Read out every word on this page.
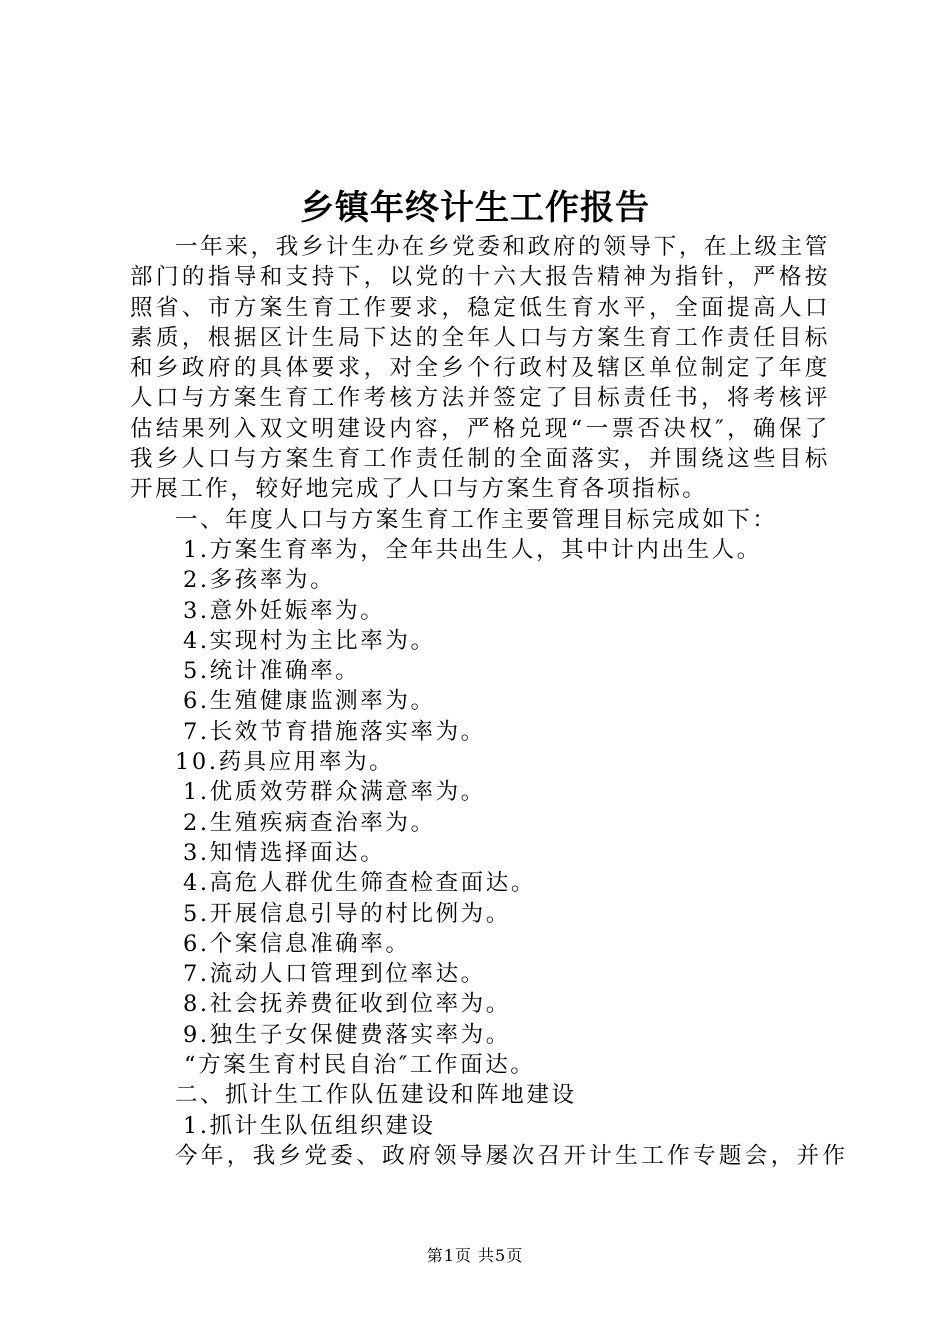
乡镇年终计生工作报告

一年来，我乡计生办在乡党委和政府的领导下，在上级主管部门的指导和支持下，以党的十六大报告精神为指针，严格按照省、市方案生育工作要求，稳定低生育水平，全面提高人口素质，根据区计生局下达的全年人口与方案生育工作责任目标和乡政府的具体要求，对全乡个行政村及辖区单位制定了年度人口与方案生育工作考核方法并签定了目标责任书，将考核评估结果列入双文明建设内容，严格兑现“一票否决权″，确保了我乡人口与方案生育工作责任制的全面落实，并围绕这些目标开展工作，较好地完成了人口与方案生育各项指标。

一、年度人口与方案生育工作主要管理目标完成如下：

1.方案生育率为，全年共出生人，其中计内出生人。

2.多孩率为。

3.意外妊娠率为。

4.实现村为主比率为。

5.统计准确率。

6.生殖健康监测率为。

7.长效节育措施落实率为。

10.药具应用率为。

1.优质效劳群众满意率为。

2.生殖疾病查治率为。

3.知情选择面达。

4.高危人群优生筛查检查面达。

5.开展信息引导的村比例为。

6.个案信息准确率。

7.流动人口管理到位率达。

8.社会抚养费征收到位率为。

9.独生子女保健费落实率为。

“方案生育村民自治″工作面达。

二、抓计生工作队伍建设和阵地建设

1.抓计生队伍组织建设

今年，我乡党委、政府领导屡次召开计生工作专题会，并作

第1页 共5页
